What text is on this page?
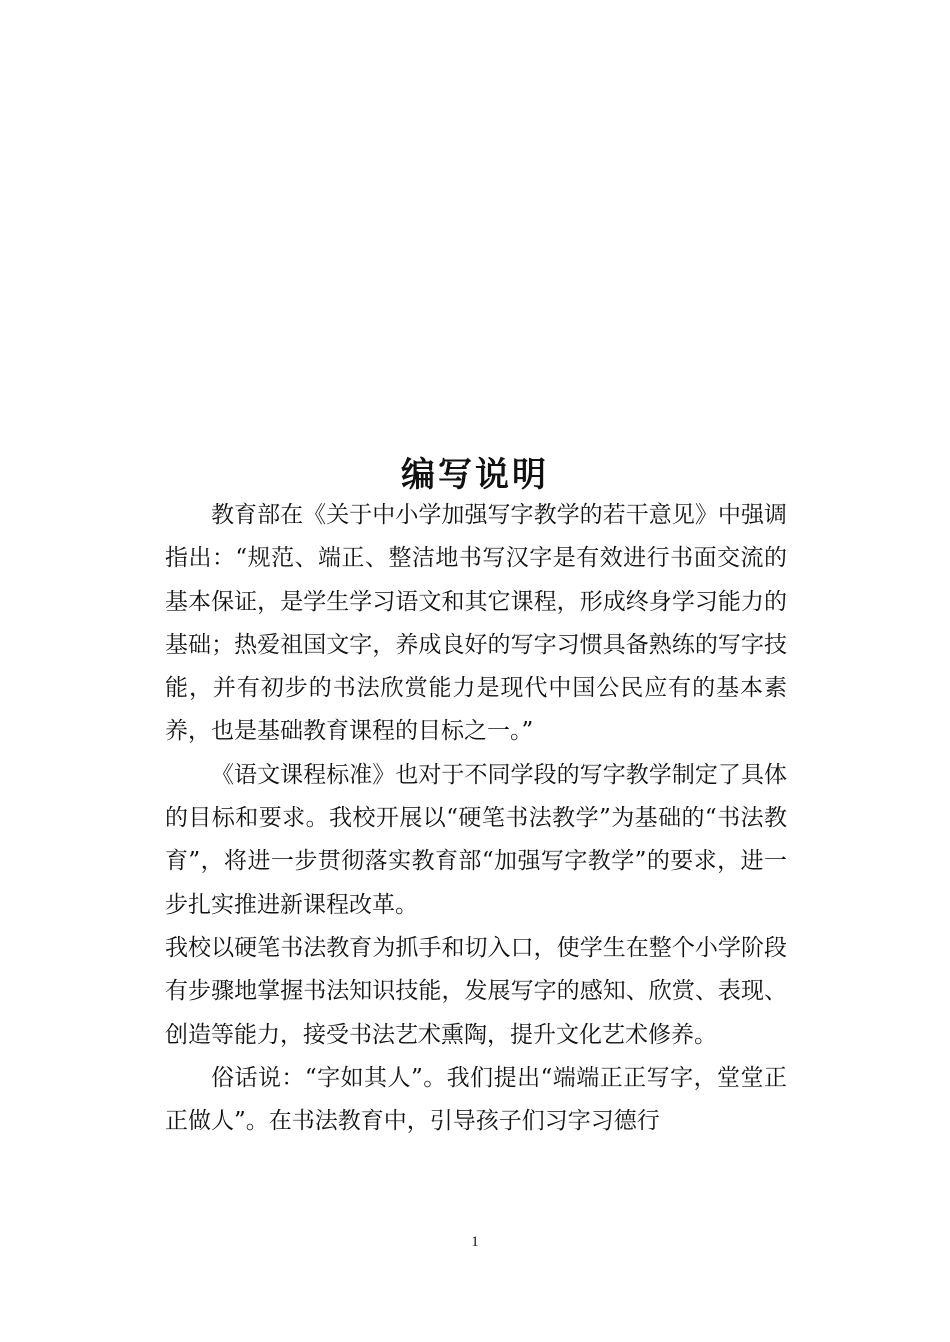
编写说明

教育部在《关于中小学加强写字教学的若干意见》中强调指出：“规范、端正、整洁地书写汉字是有效进行书面交流的基本保证，是学生学习语文和其它课程，形成终身学习能力的基础；热爱祖国文字，养成良好的写字习惯具备熟练的写字技能，并有初步的书法欣赏能力是现代中国公民应有的基本素养，也是基础教育课程的目标之一。”

《语文课程标准》也对于不同学段的写字教学制定了具体的目标和要求。我校开展以“硬笔书法教学”为基础的“书法教育”，将进一步贯彻落实教育部“加强写字教学”的要求，进一步扎实推进新课程改革。

我校以硬笔书法教育为抓手和切入口，使学生在整个小学阶段有步骤地掌握书法知识技能，发展写字的感知、欣赏、表现、创造等能力，接受书法艺术熏陶，提升文化艺术修养。

俗话说：“字如其人”。我们提出“端端正正写字，堂堂正正做人”。在书法教育中，引导孩子们习字习德行

1
